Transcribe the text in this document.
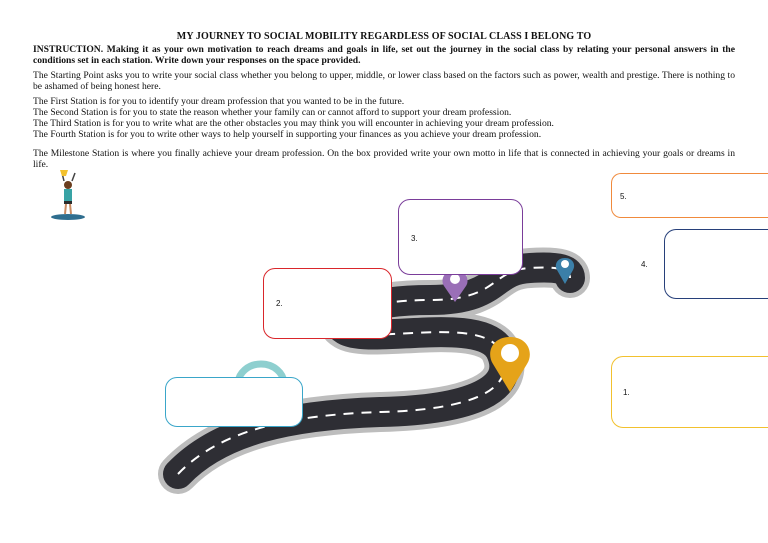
MY JOURNEY TO SOCIAL MOBILITY REGARDLESS OF SOCIAL CLASS I BELONG TO
INSTRUCTION. Making it as your own motivation to reach dreams and goals in life, set out the journey in the social class by relating your personal answers in the conditions set in each station. Write down your responses on the space provided.
The Starting Point asks you to write your social class whether you belong to upper, middle, or lower class based on the factors such as power, wealth and prestige. There is nothing to be ashamed of being honest here.
The First Station is for you to identify your dream profession that you wanted to be in the future.
The Second Station is for you to state the reason whether your family can or cannot afford to support your dream profession.
The Third Station is for you to write what are the other obstacles you may think you will encounter in achieving your dream profession.
The Fourth Station is for you to write other ways to help yourself in supporting your finances as you achieve your dream profession.
The Milestone Station is where you finally achieve your dream profession. On the box provided write your own motto in life that is connected in achieving your goals or dreams in life.
3.
2.
5.
4.
1.
